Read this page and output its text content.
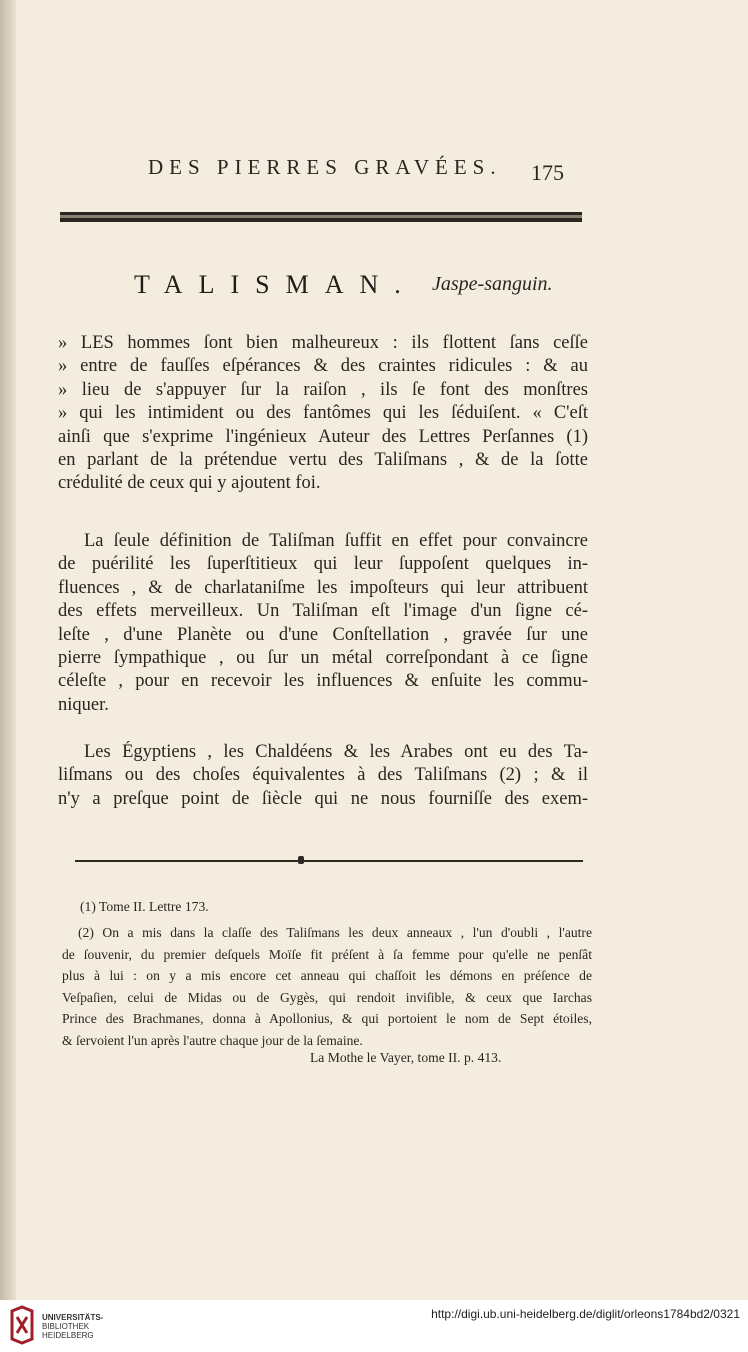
DES PIERRES GRAVÉES. 175
TALISMAN. Jaspe-sanguin.
» LES hommes ſont bien malheureux : ils flottent ſans ceſſe
» entre de fauſſes eſpérances & des craintes ridicules : & au
» lieu de s'appuyer ſur la raiſon , ils ſe font des monſtres
» qui les intimident ou des fantômes qui les ſéduiſent. « C'eſt
ainſi que s'exprime l'ingénieux Auteur des Lettres Perſannes (1)
en parlant de la prétendue vertu des Taliſmans , & de la ſotte
crédulité de ceux qui y ajoutent foi.
La ſeule définition de Taliſman ſuffit en effet pour convaincre
de puérilité les ſuperſtitieux qui leur ſuppoſent quelques in-
fluences , & de charlataniſme les impoſteurs qui leur attribuent
des effets merveilleux. Un Taliſman eſt l'image d'un ſigne cé-
leſte , d'une Planète ou d'une Conſtellation , gravée ſur une
pierre ſympathique , ou ſur un métal correſpondant à ce ſigne
céleſte , pour en recevoir les influences & enſuite les commu-
niquer.
Les Égyptiens , les Chaldéens & les Arabes ont eu des Ta-
liſmans ou des choſes équivalentes à des Taliſmans (2) ; & il
n'y a preſque point de ſiècle qui ne nous fourniſſe des exem-
(1) Tome II. Lettre 173.
(2) On a mis dans la claſſe des Taliſmans les deux anneaux , l'un d'oubli , l'autre
de ſouvenir, du premier deſquels Moïſe fit préſent à ſa femme pour qu'elle ne penſât
plus à lui : on y a mis encore cet anneau qui chaſſoit les démons en préſence de
Veſpaſien, celui de Midas ou de Gygès, qui rendoit inviſible, & ceux que Iarchas
Prince des Brachmanes, donna à Apollonius, & qui portoient le nom de Sept étoiles,
& ſervoient l'un après l'autre chaque jour de la ſemaine.
La Mothe le Vayer, tome II. p. 413.
UNIVERSITÄTS-
BIBLIOTHEK
HEIDELBERG
http://digi.ub.uni-heidelberg.de/diglit/orleons1784bd2/0321
